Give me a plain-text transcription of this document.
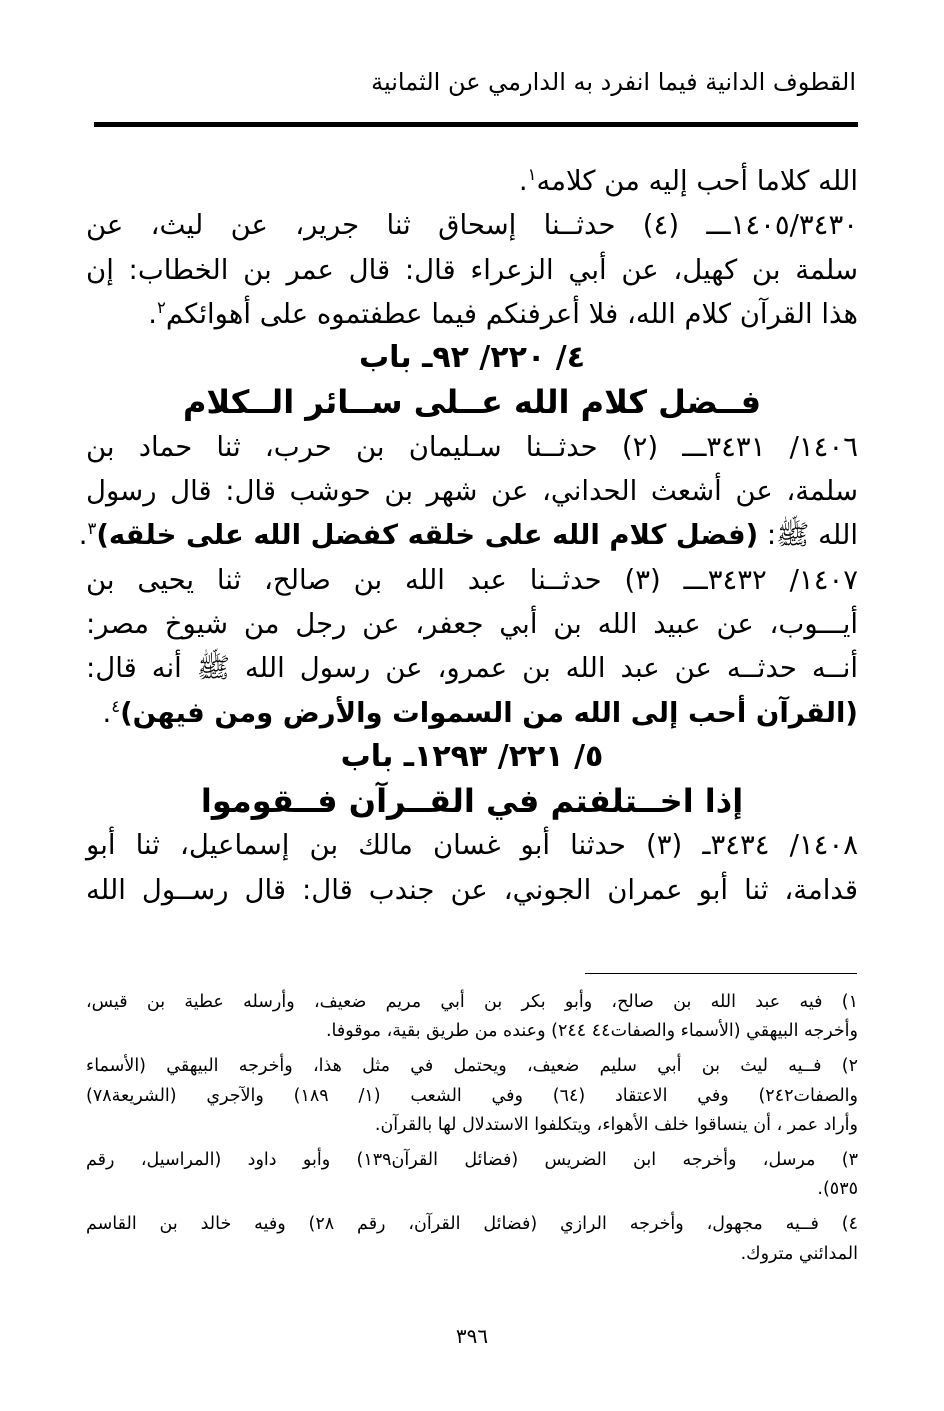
القطوف الدانية فيما انفرد به الدارمي عن الثمانية

الله كلاما أحب إليه من كلامه$^١$.

١٤٠٥/٣٤٣٠ـــ (٤) حدثــنا إسحاق ثنا جرير، عن ليث، عن

سلمة بن كهيل، عن أبي الزعراء قال: قال عمر بن الخطاب: إن

هذا القرآن كلام الله، فلا أعرفنكم فيما عطفتموه على أهوائكم$^٢$.

٤/ ٢٢٠/ ٩٢ـ باب

فــضل كلام الله عــلى ســائر الــكلام

١٤٠٦/ ٣٤٣١ـــ (٢) حدثــنا سـليمان بن حرب، ثنا حماد بن

سلمة، عن أشعث الحداني، عن شهر بن حوشب قال: قال رسول

الله ﷺ: (فضل كلام الله على خلقه كفضل الله على خلقه)$^٣$.

١٤٠٧/ ٣٤٣٢ـــ (٣) حدثــنا عبد الله بن صالح، ثنا يحيى بن

أيـــوب، عن عبيد الله بن أبي جعفر، عن رجل من شيوخ مصر:

أنــه حدثــه عن عبد الله بن عمرو، عن رسول الله ﷺ أنه قال:

(القرآن أحب إلى الله من السموات والأرض ومن فيهن)$^٤$.

٥/ ٢٢١/ ١٢٩٣ـ باب

إذا اخــتلفتم في القــرآن فــقوموا

١٤٠٨/ ٣٤٣٤ـ (٣) حدثنا أبو غسان مالك بن إسماعيل، ثنا أبو

قدامة، ثنا أبو عمران الجوني، عن جندب قال: قال رســول الله

١) فيه عبد الله بن صالح، وأبو بكر بن أبي مريم ضعيف، وأرسله عطية بن قيس،

وأخرجه البيهقي (الأسماء والصفات٤٤ ٢٤٤) وعنده من طريق بقية، موقوفا.

٢) فــيه ليث بن أبي سليم ضعيف، ويحتمل في مثل هذا، وأخرجه البيهقي (الأسماء

والصفات٢٤٢) وفي الاعتقاد (٦٤) وفي الشعب (١/ ١٨٩) والآجري (الشريعة٧٨)

وأراد عمر ، أن ينساقوا خلف الأهواء، ويتكلفوا الاستدلال لها بالقرآن.

٣) مرسل، وأخرجه ابن الضريس (فضائل القرآن١٣٩) وأبو داود (المراسيل، رقم

٥٣٥).

٤) فــيه مجهول، وأخرجه الرازي (فضائل القرآن، رقم ٢٨) وفيه خالد بن القاسم

المدائني متروك.

٣٩٦
